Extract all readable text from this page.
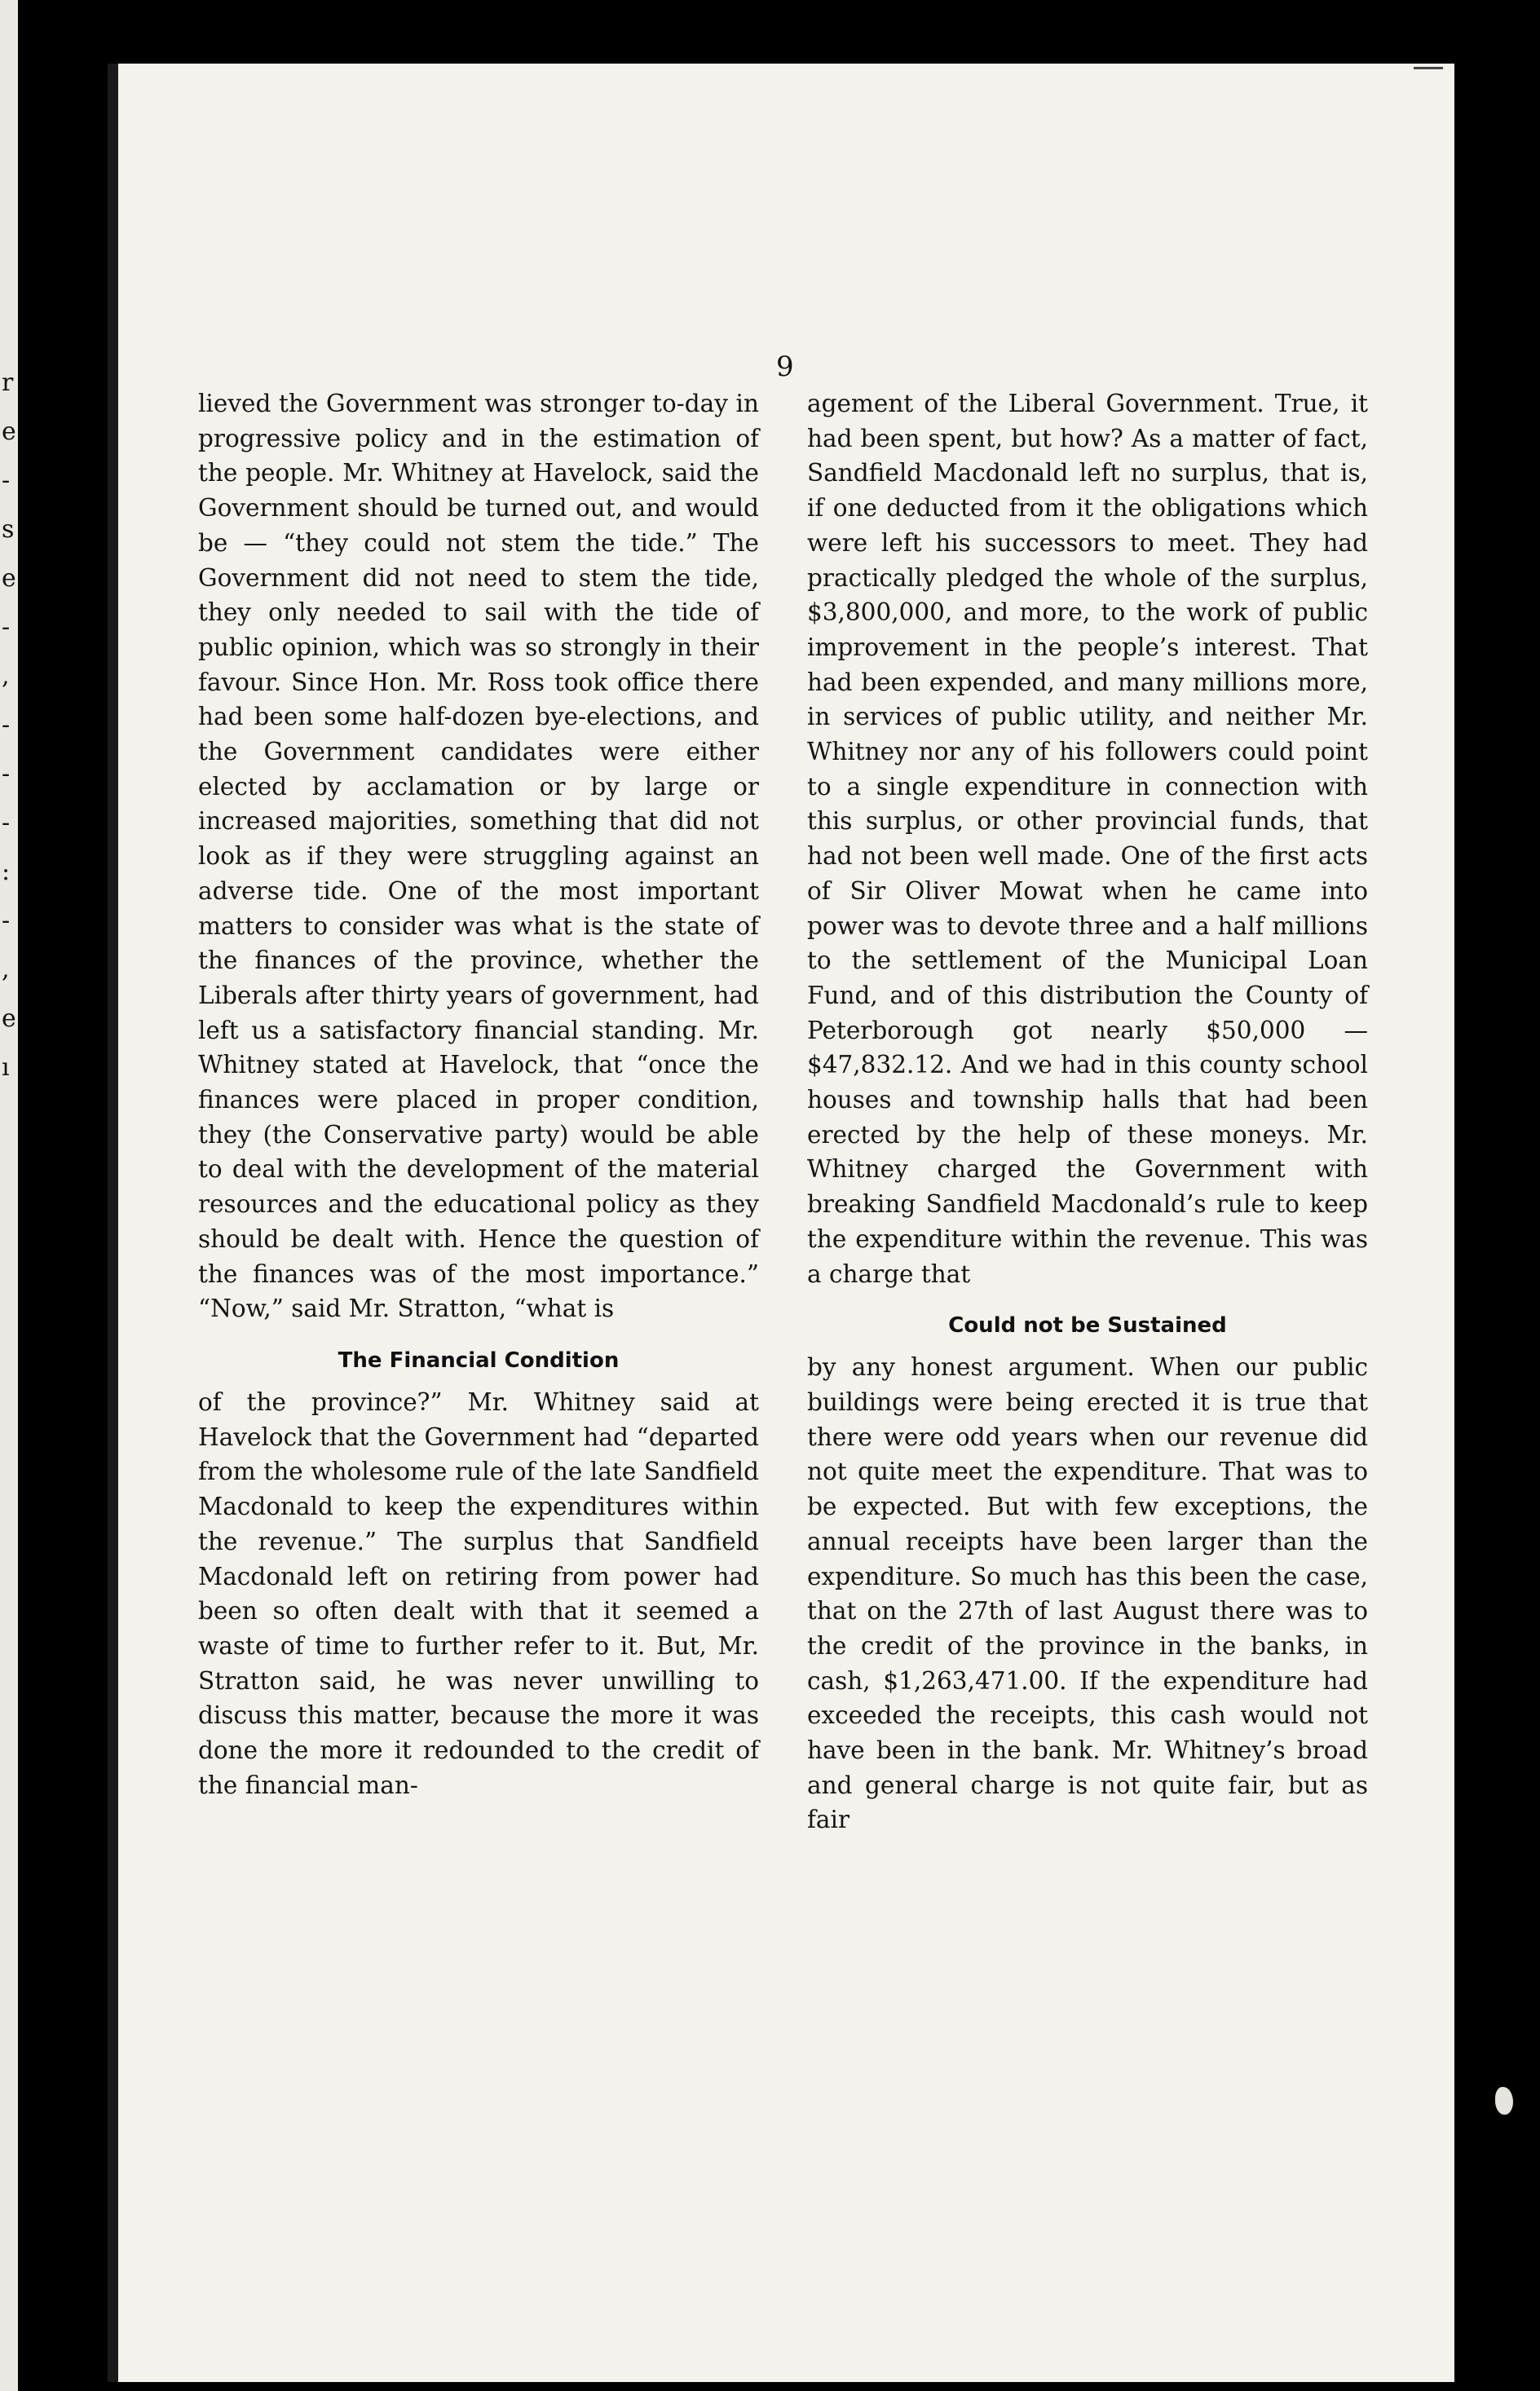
r
e
-
s
e
-
,
-
-
-
:
-
,
e
ı
9

lieved the Government was stronger to-day in progressive policy and in the estimation of the people. Mr. Whitney at Havelock, said the Government should be turned out, and would be — “they could not stem the tide.” The Government did not need to stem the tide, they only needed to sail with the tide of public opinion, which was so strongly in their favour. Since Hon. Mr. Ross took office there had been some half-dozen bye-elections, and the Government candidates were either elected by acclamation or by large or increased majorities, something that did not look as if they were struggling against an adverse tide. One of the most important matters to consider was what is the state of the finances of the province, whether the Liberals after thirty years of government, had left us a satisfactory financial standing. Mr. Whitney stated at Havelock, that “once the finances were placed in proper condition, they (the Conservative party) would be able to deal with the development of the material resources and the educational policy as they should be dealt with. Hence the question of the finances was of the most importance.” “Now,” said Mr. Stratton, “what is

The Financial Condition

of the province?” Mr. Whitney said at Havelock that the Government had “departed from the wholesome rule of the late Sandfield Macdonald to keep the expenditures within the revenue.” The surplus that Sandfield Macdonald left on retiring from power had been so often dealt with that it seemed a waste of time to further refer to it. But, Mr. Stratton said, he was never unwilling to discuss this matter, because the more it was done the more it redounded to the credit of the financial man-

agement of the Liberal Government. True, it had been spent, but how? As a matter of fact, Sandfield Macdonald left no surplus, that is, if one deducted from it the obligations which were left his successors to meet. They had practically pledged the whole of the surplus, $3,800,000, and more, to the work of public improvement in the people’s interest. That had been expended, and many millions more, in services of public utility, and neither Mr. Whitney nor any of his followers could point to a single expenditure in connection with this surplus, or other provincial funds, that had not been well made. One of the first acts of Sir Oliver Mowat when he came into power was to devote three and a half millions to the settlement of the Municipal Loan Fund, and of this distribution the County of Peterborough got nearly $50,000 — $47,832.12. And we had in this county school houses and township halls that had been erected by the help of these moneys. Mr. Whitney charged the Government with breaking Sandfield Macdonald’s rule to keep the expenditure within the revenue. This was a charge that

Could not be Sustained

by any honest argument. When our public buildings were being erected it is true that there were odd years when our revenue did not quite meet the expenditure. That was to be expected. But with few exceptions, the annual receipts have been larger than the expenditure. So much has this been the case, that on the 27th of last August there was to the credit of the province in the banks, in cash, $1,263,471.00. If the expenditure had exceeded the receipts, this cash would not have been in the bank. Mr. Whitney’s broad and general charge is not quite fair, but as fair
